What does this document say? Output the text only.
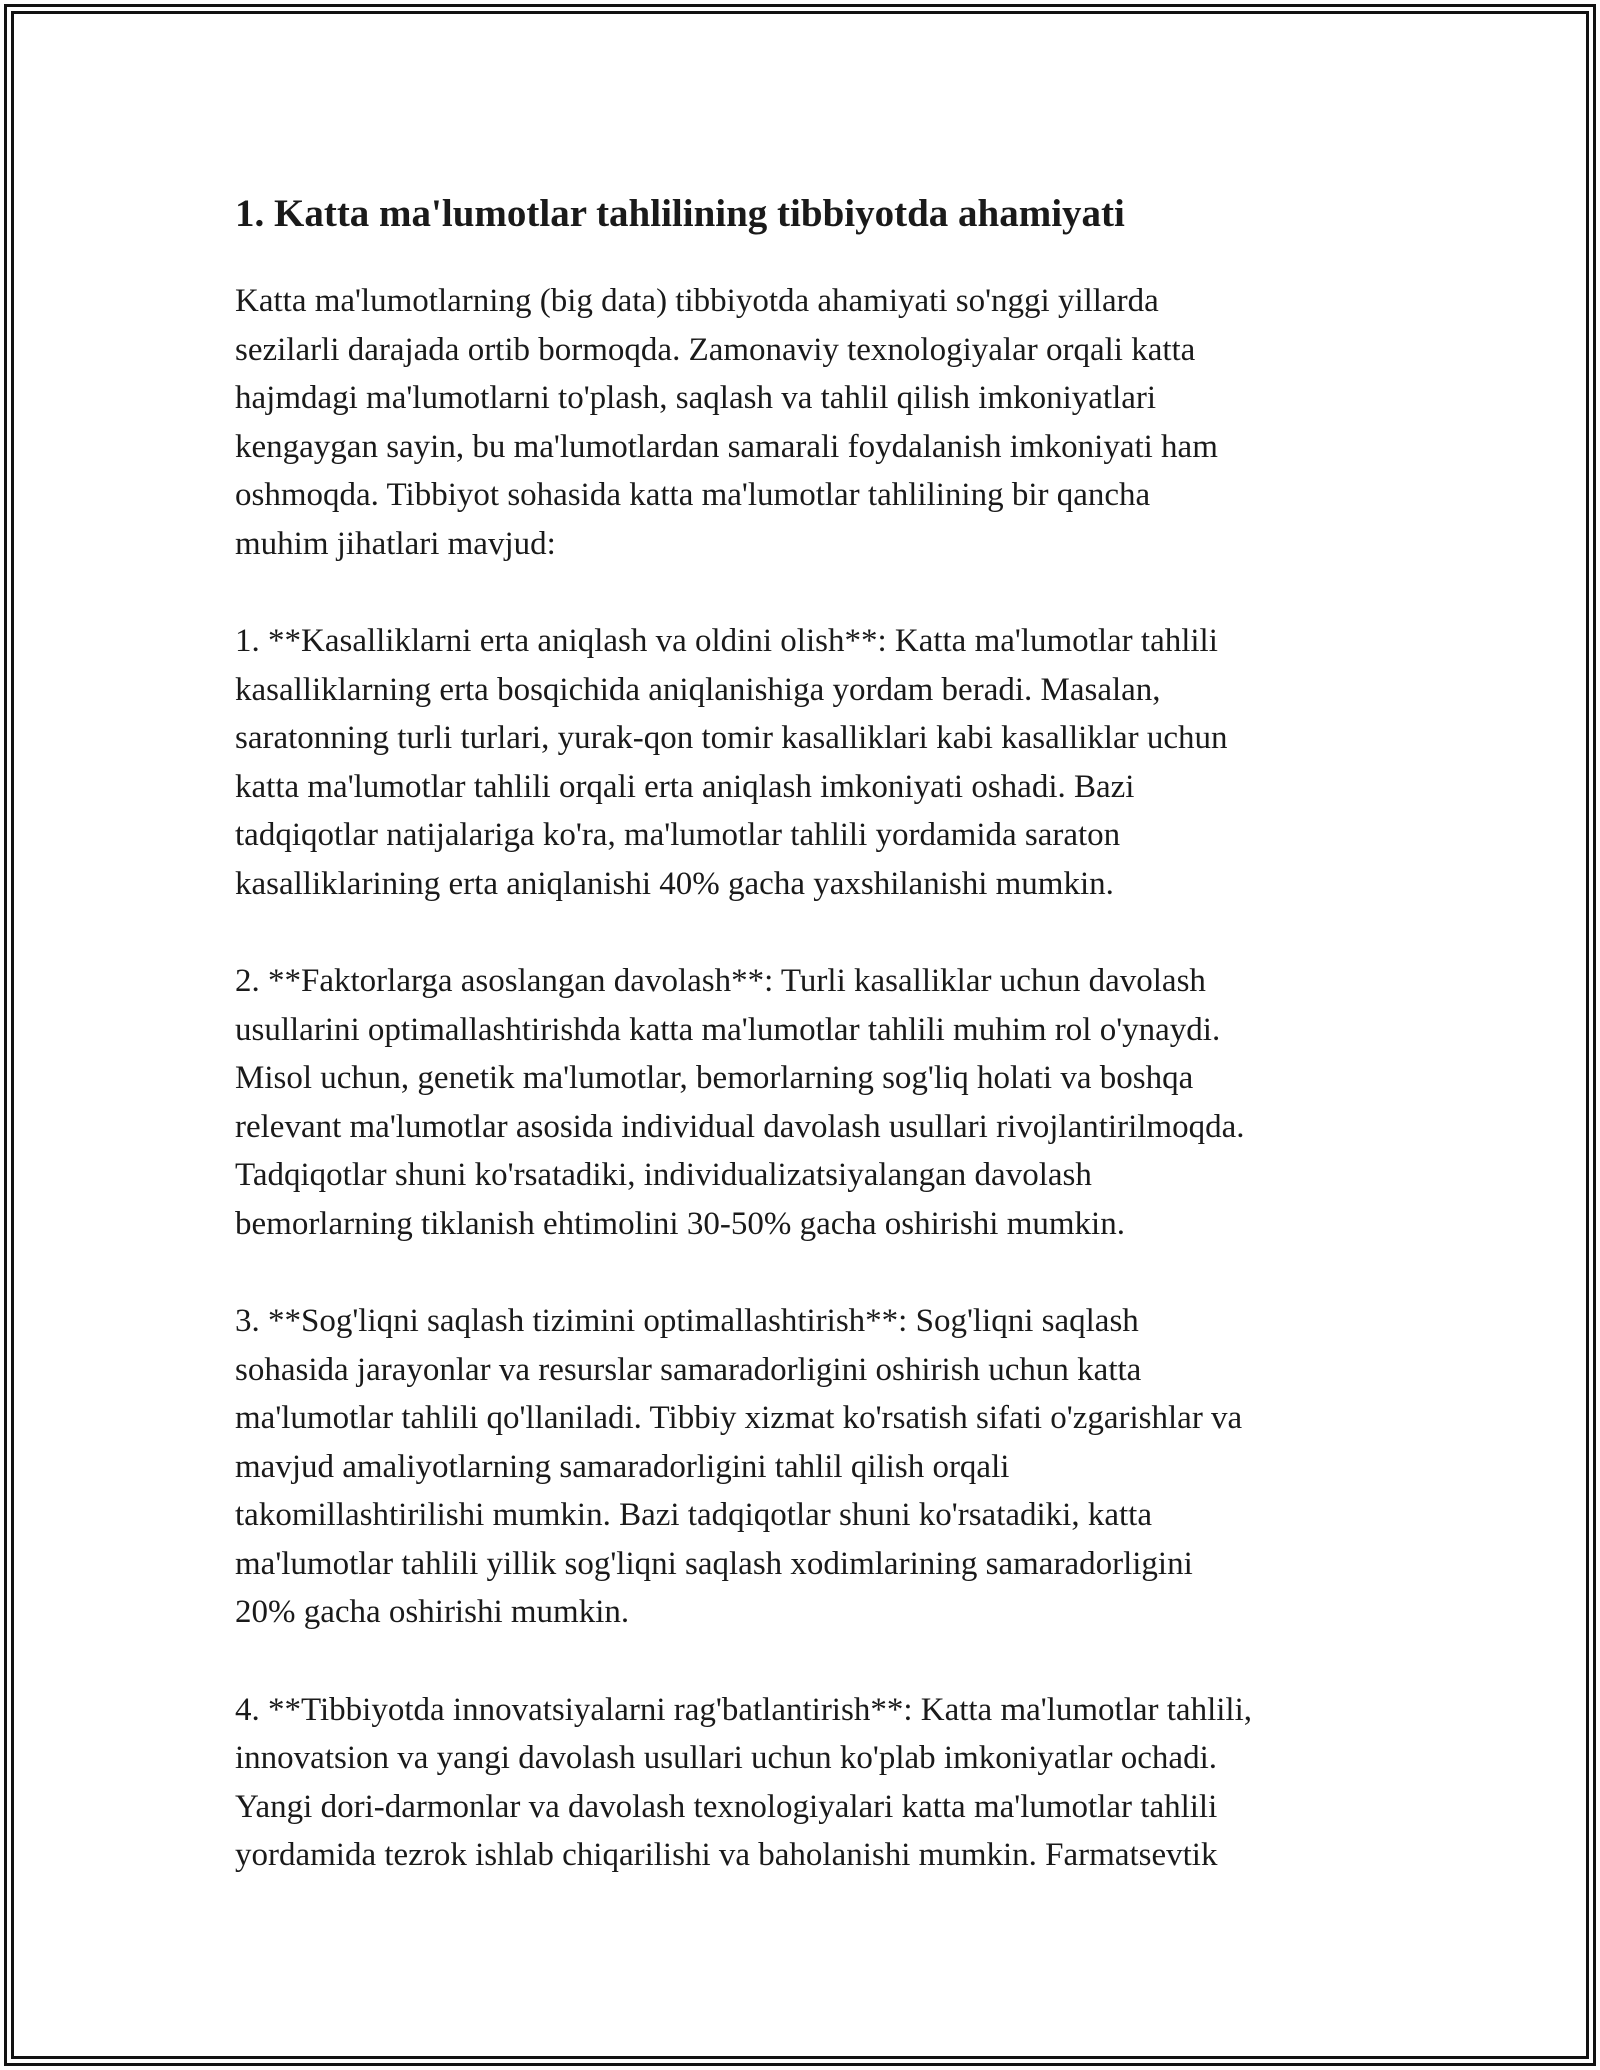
1. Katta ma'lumotlar tahlilining tibbiyotda ahamiyati

Katta ma'lumotlarning (big data) tibbiyotda ahamiyati so'nggi yillarda
sezilarli darajada ortib bormoqda. Zamonaviy texnologiyalar orqali katta
hajmdagi ma'lumotlarni to'plash, saqlash va tahlil qilish imkoniyatlari
kengaygan sayin, bu ma'lumotlardan samarali foydalanish imkoniyati ham
oshmoqda. Tibbiyot sohasida katta ma'lumotlar tahlilining bir qancha
muhim jihatlari mavjud:

1. **Kasalliklarni erta aniqlash va oldini olish**: Katta ma'lumotlar tahlili
kasalliklarning erta bosqichida aniqlanishiga yordam beradi. Masalan,
saratonning turli turlari, yurak-qon tomir kasalliklari kabi kasalliklar uchun
katta ma'lumotlar tahlili orqali erta aniqlash imkoniyati oshadi. Bazi
tadqiqotlar natijalariga ko'ra, ma'lumotlar tahlili yordamida saraton
kasalliklarining erta aniqlanishi 40% gacha yaxshilanishi mumkin.

2. **Faktorlarga asoslangan davolash**: Turli kasalliklar uchun davolash
usullarini optimallashtirishda katta ma'lumotlar tahlili muhim rol o'ynaydi.
Misol uchun, genetik ma'lumotlar, bemorlarning sog'liq holati va boshqa
relevant ma'lumotlar asosida individual davolash usullari rivojlantirilmoqda.
Tadqiqotlar shuni ko'rsatadiki, individualizatsiyalangan davolash
bemorlarning tiklanish ehtimolini 30-50% gacha oshirishi mumkin.

3. **Sog'liqni saqlash tizimini optimallashtirish**: Sog'liqni saqlash
sohasida jarayonlar va resurslar samaradorligini oshirish uchun katta
ma'lumotlar tahlili qo'llaniladi. Tibbiy xizmat ko'rsatish sifati o'zgarishlar va
mavjud amaliyotlarning samaradorligini tahlil qilish orqali
takomillashtirilishi mumkin. Bazi tadqiqotlar shuni ko'rsatadiki, katta
ma'lumotlar tahlili yillik sog'liqni saqlash xodimlarining samaradorligini
20% gacha oshirishi mumkin.

4. **Tibbiyotda innovatsiyalarni rag'batlantirish**: Katta ma'lumotlar tahlili,
innovatsion va yangi davolash usullari uchun ko'plab imkoniyatlar ochadi.
Yangi dori-darmonlar va davolash texnologiyalari katta ma'lumotlar tahlili
yordamida tezrok ishlab chiqarilishi va baholanishi mumkin. Farmatsevtik
